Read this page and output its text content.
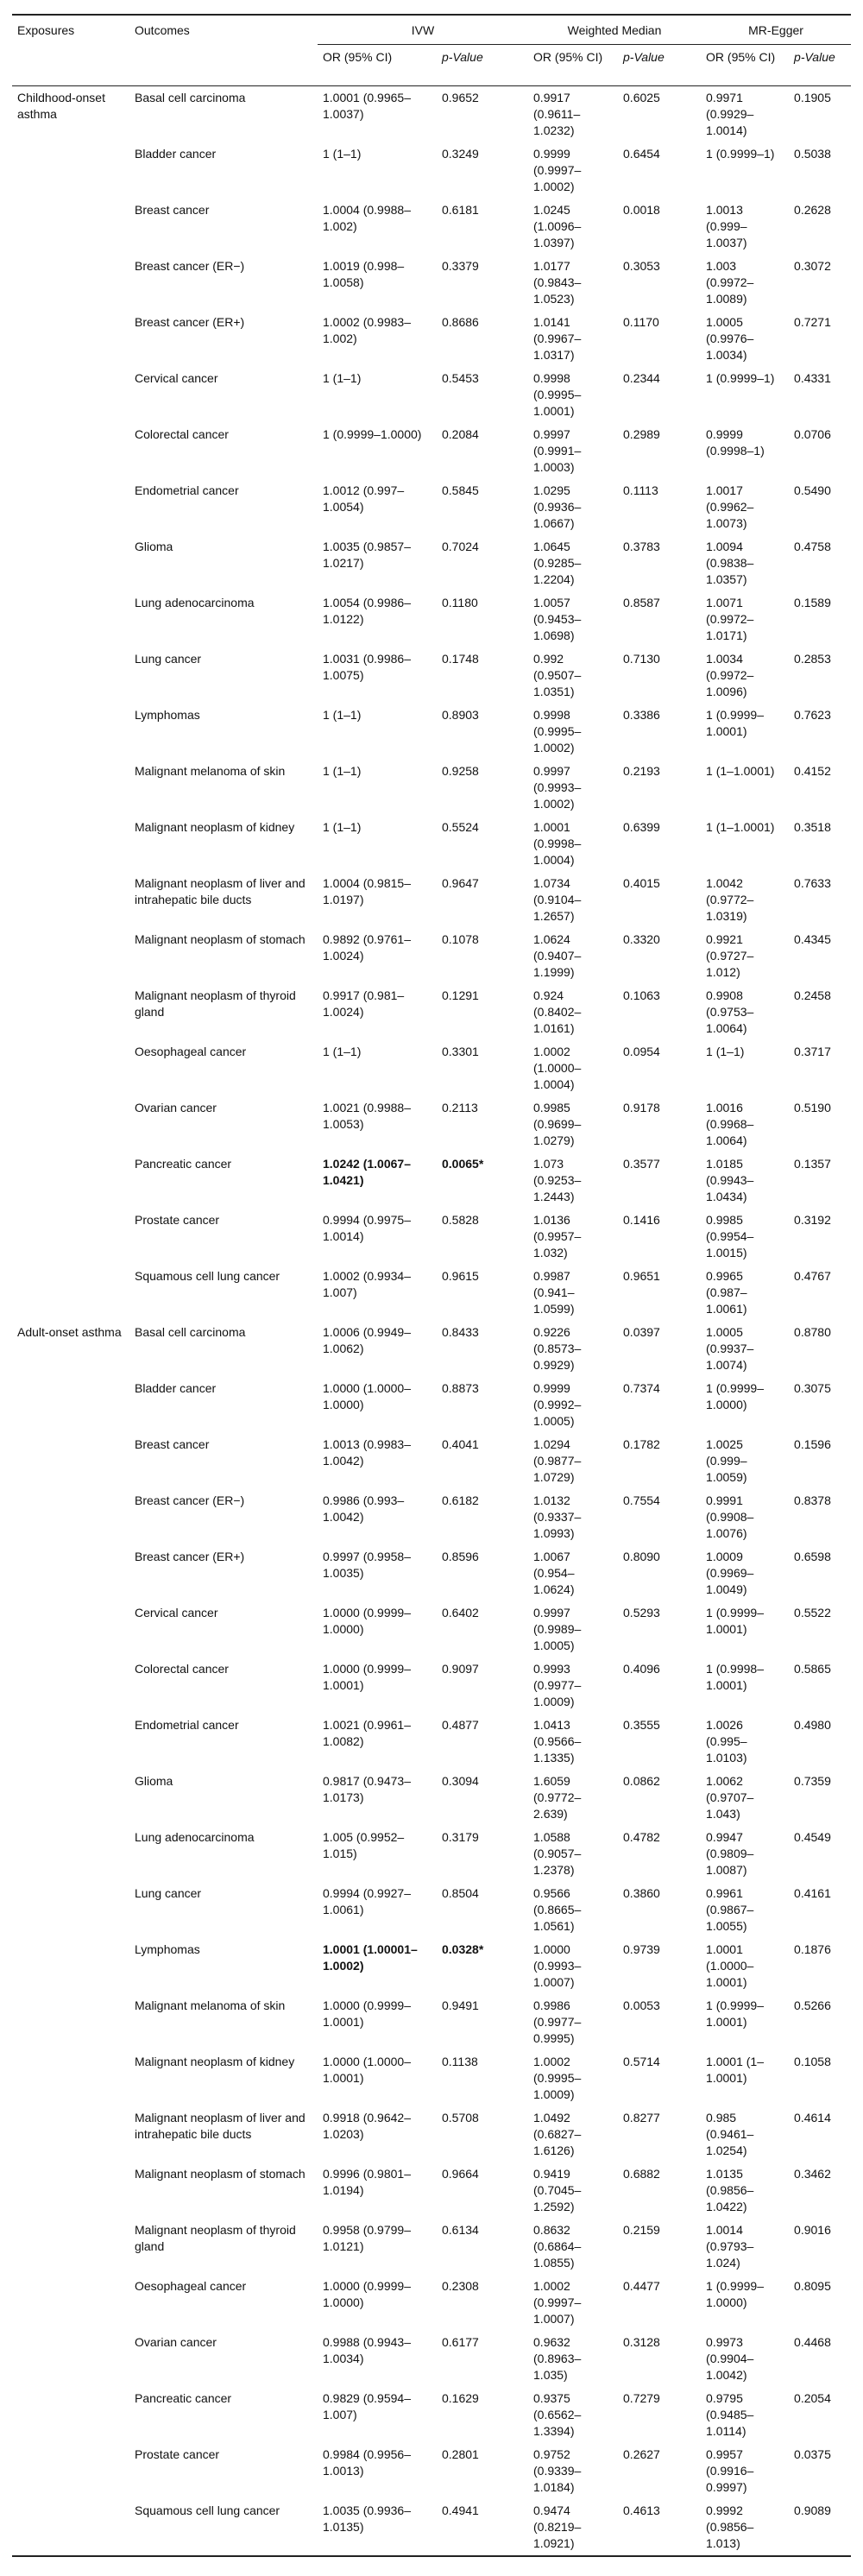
Exposures	Outcomes	IVW		Weighted Median		MR-Egger	
		OR (95% CI)	p-Value	OR (95% CI)	p-Value	OR (95% CI)	p-Value
Childhood-onset asthma	Basal cell carcinoma	1.0001 (0.9965–1.0037)	0.9652	0.9917 (0.9611–1.0232)	0.6025	0.9971 (0.9929–1.0014)	0.1905
	Bladder cancer	1 (1–1)	0.3249	0.9999 (0.9997–1.0002)	0.6454	1 (0.9999–1)	0.5038
	Breast cancer	1.0004 (0.9988–1.002)	0.6181	1.0245 (1.0096–1.0397)	0.0018	1.0013 (0.999–1.0037)	0.2628
	Breast cancer (ER−)	1.0019 (0.998–1.0058)	0.3379	1.0177 (0.9843–1.0523)	0.3053	1.003 (0.9972–1.0089)	0.3072
	Breast cancer (ER+)	1.0002 (0.9983–1.002)	0.8686	1.0141 (0.9967–1.0317)	0.1170	1.0005 (0.9976–1.0034)	0.7271
	Cervical cancer	1 (1–1)	0.5453	0.9998 (0.9995–1.0001)	0.2344	1 (0.9999–1)	0.4331
	Colorectal cancer	1 (0.9999–1.0000)	0.2084	0.9997 (0.9991–1.0003)	0.2989	0.9999 (0.9998–1)	0.0706
	Endometrial cancer	1.0012 (0.997–1.0054)	0.5845	1.0295 (0.9936–1.0667)	0.1113	1.0017 (0.9962–1.0073)	0.5490
	Glioma	1.0035 (0.9857–1.0217)	0.7024	1.0645 (0.9285–1.2204)	0.3783	1.0094 (0.9838–1.0357)	0.4758
	Lung adenocarcinoma	1.0054 (0.9986–1.0122)	0.1180	1.0057 (0.9453–1.0698)	0.8587	1.0071 (0.9972–1.0171)	0.1589
	Lung cancer	1.0031 (0.9986–1.0075)	0.1748	0.992 (0.9507–1.0351)	0.7130	1.0034 (0.9972–1.0096)	0.2853
	Lymphomas	1 (1–1)	0.8903	0.9998 (0.9995–1.0002)	0.3386	1 (0.9999–1.0001)	0.7623
	Malignant melanoma of skin	1 (1–1)	0.9258	0.9997 (0.9993–1.0002)	0.2193	1 (1–1.0001)	0.4152
	Malignant neoplasm of kidney	1 (1–1)	0.5524	1.0001 (0.9998–1.0004)	0.6399	1 (1–1.0001)	0.3518
	Malignant neoplasm of liver and intrahepatic bile ducts	1.0004 (0.9815–1.0197)	0.9647	1.0734 (0.9104–1.2657)	0.4015	1.0042 (0.9772–1.0319)	0.7633
	Malignant neoplasm of stomach	0.9892 (0.9761–1.0024)	0.1078	1.0624 (0.9407–1.1999)	0.3320	0.9921 (0.9727–1.012)	0.4345
	Malignant neoplasm of thyroid gland	0.9917 (0.981–1.0024)	0.1291	0.924 (0.8402–1.0161)	0.1063	0.9908 (0.9753–1.0064)	0.2458
	Oesophageal cancer	1 (1–1)	0.3301	1.0002 (1.0000–1.0004)	0.0954	1 (1–1)	0.3717
	Ovarian cancer	1.0021 (0.9988–1.0053)	0.2113	0.9985 (0.9699–1.0279)	0.9178	1.0016 (0.9968–1.0064)	0.5190
	Pancreatic cancer	1.0242 (1.0067–1.0421)	0.0065*	1.073 (0.9253–1.2443)	0.3577	1.0185 (0.9943–1.0434)	0.1357
	Prostate cancer	0.9994 (0.9975–1.0014)	0.5828	1.0136 (0.9957–1.032)	0.1416	0.9985 (0.9954–1.0015)	0.3192
	Squamous cell lung cancer	1.0002 (0.9934–1.007)	0.9615	0.9987 (0.941–1.0599)	0.9651	0.9965 (0.987–1.0061)	0.4767
Adult-onset asthma	Basal cell carcinoma	1.0006 (0.9949–1.0062)	0.8433	0.9226 (0.8573–0.9929)	0.0397	1.0005 (0.9937–1.0074)	0.8780
	Bladder cancer	1.0000 (1.0000–1.0000)	0.8873	0.9999 (0.9992–1.0005)	0.7374	1 (0.9999–1.0000)	0.3075
	Breast cancer	1.0013 (0.9983–1.0042)	0.4041	1.0294 (0.9877–1.0729)	0.1782	1.0025 (0.999–1.0059)	0.1596
	Breast cancer (ER−)	0.9986 (0.993–1.0042)	0.6182	1.0132 (0.9337–1.0993)	0.7554	0.9991 (0.9908–1.0076)	0.8378
	Breast cancer (ER+)	0.9997 (0.9958–1.0035)	0.8596	1.0067 (0.954–1.0624)	0.8090	1.0009 (0.9969–1.0049)	0.6598
	Cervical cancer	1.0000 (0.9999–1.0000)	0.6402	0.9997 (0.9989–1.0005)	0.5293	1 (0.9999–1.0001)	0.5522
	Colorectal cancer	1.0000 (0.9999–1.0001)	0.9097	0.9993 (0.9977–1.0009)	0.4096	1 (0.9998–1.0001)	0.5865
	Endometrial cancer	1.0021 (0.9961–1.0082)	0.4877	1.0413 (0.9566–1.1335)	0.3555	1.0026 (0.995–1.0103)	0.4980
	Glioma	0.9817 (0.9473–1.0173)	0.3094	1.6059 (0.9772–2.639)	0.0862	1.0062 (0.9707–1.043)	0.7359
	Lung adenocarcinoma	1.005 (0.9952–1.015)	0.3179	1.0588 (0.9057–1.2378)	0.4782	0.9947 (0.9809–1.0087)	0.4549
	Lung cancer	0.9994 (0.9927–1.0061)	0.8504	0.9566 (0.8665–1.0561)	0.3860	0.9961 (0.9867–1.0055)	0.4161
	Lymphomas	1.0001 (1.00001–1.0002)	0.0328*	1.0000 (0.9993–1.0007)	0.9739	1.0001 (1.0000–1.0001)	0.1876
	Malignant melanoma of skin	1.0000 (0.9999–1.0001)	0.9491	0.9986 (0.9977–0.9995)	0.0053	1 (0.9999–1.0001)	0.5266
	Malignant neoplasm of kidney	1.0000 (1.0000–1.0001)	0.1138	1.0002 (0.9995–1.0009)	0.5714	1.0001 (1–1.0001)	0.1058
	Malignant neoplasm of liver and intrahepatic bile ducts	0.9918 (0.9642–1.0203)	0.5708	1.0492 (0.6827–1.6126)	0.8277	0.985 (0.9461–1.0254)	0.4614
	Malignant neoplasm of stomach	0.9996 (0.9801–1.0194)	0.9664	0.9419 (0.7045–1.2592)	0.6882	1.0135 (0.9856–1.0422)	0.3462
	Malignant neoplasm of thyroid gland	0.9958 (0.9799–1.0121)	0.6134	0.8632 (0.6864–1.0855)	0.2159	1.0014 (0.9793–1.024)	0.9016
	Oesophageal cancer	1.0000 (0.9999–1.0000)	0.2308	1.0002 (0.9997–1.0007)	0.4477	1 (0.9999–1.0000)	0.8095
	Ovarian cancer	0.9988 (0.9943–1.0034)	0.6177	0.9632 (0.8963–1.035)	0.3128	0.9973 (0.9904–1.0042)	0.4468
	Pancreatic cancer	0.9829 (0.9594–1.007)	0.1629	0.9375 (0.6562–1.3394)	0.7279	0.9795 (0.9485–1.0114)	0.2054
	Prostate cancer	0.9984 (0.9956–1.0013)	0.2801	0.9752 (0.9339–1.0184)	0.2627	0.9957 (0.9916–0.9997)	0.0375
	Squamous cell lung cancer	1.0035 (0.9936–1.0135)	0.4941	0.9474 (0.8219–1.0921)	0.4613	0.9992 (0.9856–1.013)	0.9089
